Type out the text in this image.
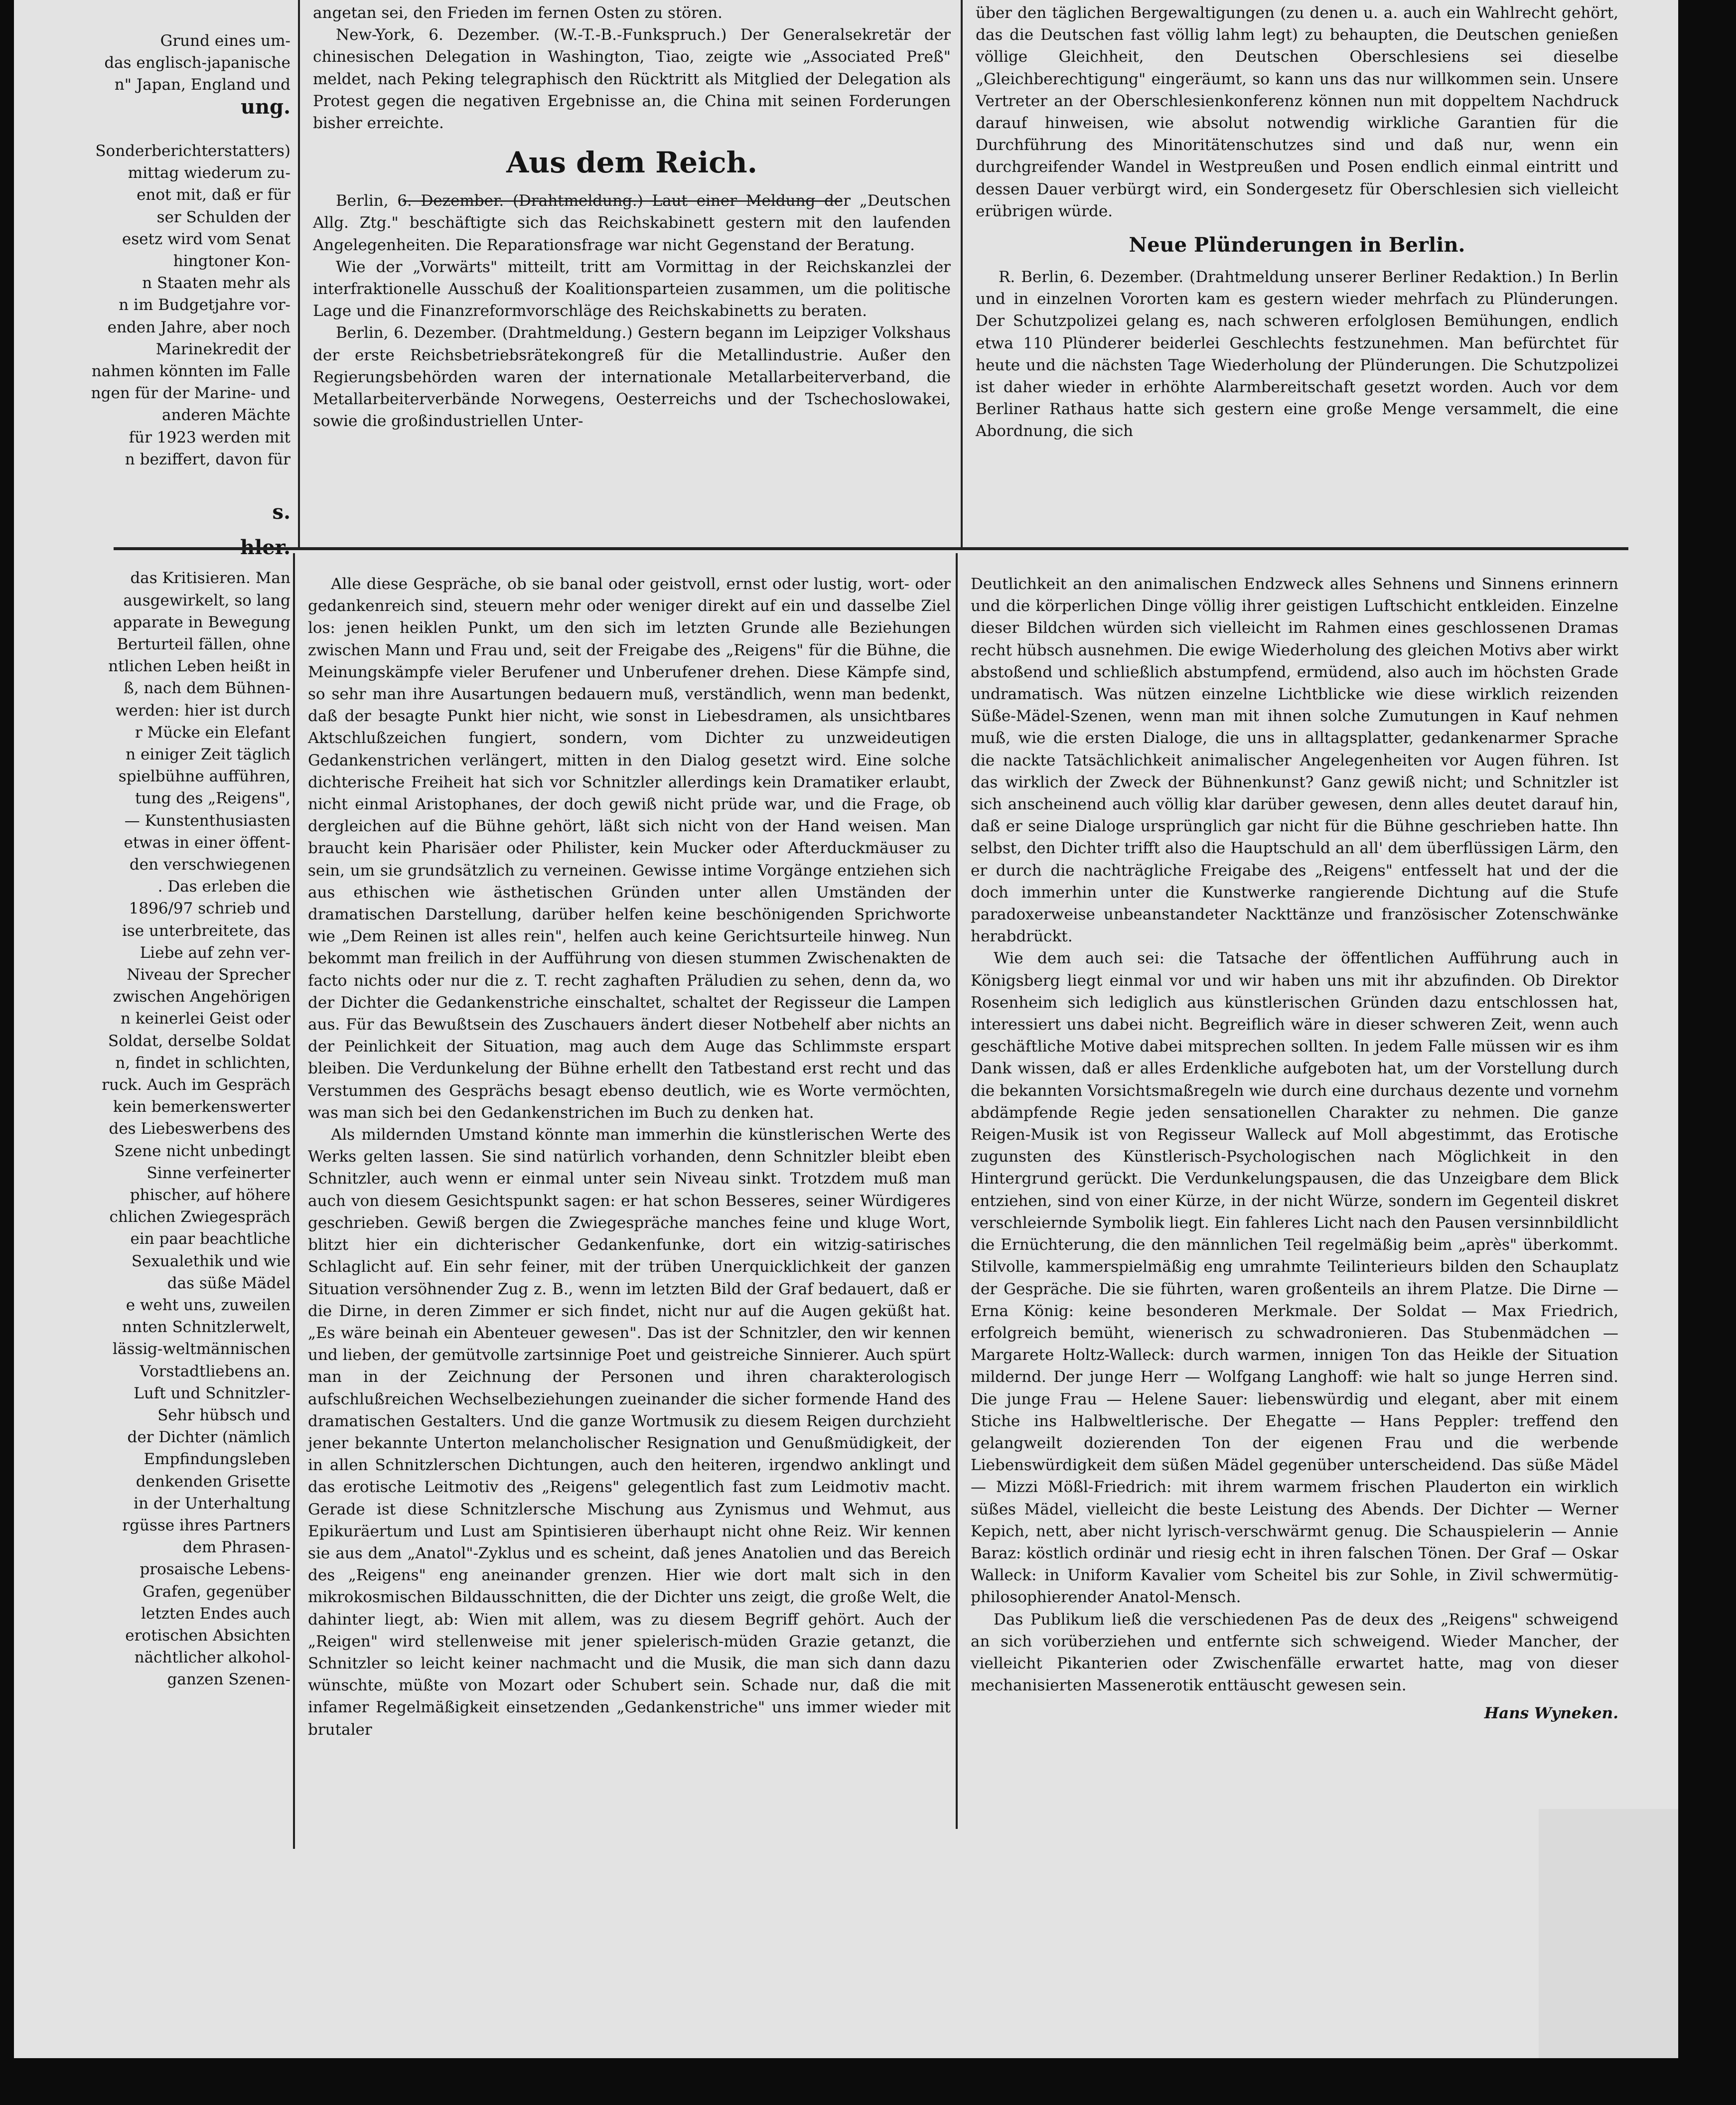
Grund eines um-
das englisch-japanische
n" Japan, England und
ung.
Sonderberichterstatters)
mittag wiederum zu-
enot mit, daß er für
ser Schulden der
esetz wird vom Senat
hingtoner Kon-
n Staaten mehr als
n im Budgetjahre vor-
enden Jahre, aber noch
Marinekredit der
nahmen könnten im Falle
ngen für der Marine- und
anderen Mächte
für 1923 werden mit
n beziffert, davon für
s.
das Kritisieren. Man
ausgewirkelt, so lang
apparate in Bewegung
Berturteil fällen, ohne
ntlichen Leben heißt in
ß, nach dem Bühnen-
werden: hier ist durch
r Mücke ein Elefant
n einiger Zeit täglich
spielbühne aufführen,
tung des „Reigens",
— Kunstenthusiasten
etwas in einer öffent-
den verschwiegenen
. Das erleben die
1896/97 schrieb und
ise unterbreitete, das
Liebe auf zehn ver-
Niveau der Sprecher
zwischen Angehörigen
n keinerlei Geist oder
Soldat, derselbe Soldat
n, findet in schlichten,
ruck. Auch im Gespräch
kein bemerkenswerter
des Liebeswerbens des
Szene nicht unbedingt
Sinne verfeinerter
phischer, auf höhere
chlichen Zwiegespräch
ein paar beachtliche
Sexualethik und wie
das süße Mädel
e weht uns, zuweilen
nnten Schnitzlerwelt,
lässig-weltmännischen
Vorstadtliebens an.
Luft und Schnitzler-
Sehr hübsch und
der Dichter (nämlich
Empfindungsleben
denkenden Grisette
in der Unterhaltung
rgüsse ihres Partners
dem Phrasen-
prosaische Lebens-
Grafen, gegenüber
letzten Endes auch
erotischen Absichten
nächtlicher alkohol-
ganzen Szenen-

angetan sei, den Frieden im fernen Osten zu stören.

New-York, 6. Dezember. (W.-T.-B.-Funkspruch.) Der Generalsekretär der chinesischen Delegation in Washington, Tiao, zeigte wie „Associated Preß" meldet, nach Peking telegraphisch den Rücktritt als Mitglied der Delegation als Protest gegen die negativen Ergebnisse an, die China mit seinen Forderungen bisher erreichte.

Aus dem Reich.

Berlin, 6. Dezember. (Drahtmeldung.) Laut einer Meldung der „Deutschen Allg. Ztg." beschäftigte sich das Reichskabinett gestern mit den laufenden Angelegenheiten. Die Reparationsfrage war nicht Gegenstand der Beratung.

Wie der „Vorwärts" mitteilt, tritt am Vormittag in der Reichskanzlei der interfraktionelle Ausschuß der Koalitionsparteien zusammen, um die politische Lage und die Finanzreformvorschläge des Reichskabinetts zu beraten.

Berlin, 6. Dezember. (Drahtmeldung.) Gestern begann im Leipziger Volkshaus der erste Reichsbetriebsrätekongreß für die Metallindustrie. Außer den Regierungsbehörden waren der internationale Metallarbeiterverband, die Metallarbeiterverbände Norwegens, Oesterreichs und der Tschechoslowakei, sowie die großindustriellen Unter-

über den täglichen Bergewaltigungen (zu denen u. a. auch ein Wahlrecht gehört, das die Deutschen fast völlig lahm legt) zu behaupten, die Deutschen genießen völlige Gleichheit, den Deutschen Oberschlesiens sei dieselbe „Gleichberechtigung" eingeräumt, so kann uns das nur willkommen sein. Unsere Vertreter an der Oberschlesienkonferenz können nun mit doppeltem Nachdruck darauf hinweisen, wie absolut notwendig wirkliche Garantien für die Durchführung des Minoritätenschutzes sind und daß nur, wenn ein durchgreifender Wandel in Westpreußen und Posen endlich einmal eintritt und dessen Dauer verbürgt wird, ein Sondergesetz für Oberschlesien sich vielleicht erübrigen würde.

Neue Plünderungen in Berlin.

R. Berlin, 6. Dezember. (Drahtmeldung unserer Berliner Redaktion.) In Berlin und in einzelnen Vororten kam es gestern wieder mehrfach zu Plünderungen. Der Schutzpolizei gelang es, nach schweren erfolglosen Bemühungen, endlich etwa 110 Plünderer beiderlei Geschlechts festzunehmen. Man befürchtet für heute und die nächsten Tage Wiederholung der Plünderungen. Die Schutzpolizei ist daher wieder in erhöhte Alarmbereitschaft gesetzt worden. Auch vor dem Berliner Rathaus hatte sich gestern eine große Menge versammelt, die eine Abordnung, die sich

Alle diese Gespräche, ob sie banal oder geistvoll, ernst oder lustig, wort- oder gedankenreich sind, steuern mehr oder weniger direkt auf ein und dasselbe Ziel los: jenen heiklen Punkt, um den sich im letzten Grunde alle Beziehungen zwischen Mann und Frau und, seit der Freigabe des „Reigens" für die Bühne, die Meinungskämpfe vieler Berufener und Unberufener drehen. Diese Kämpfe sind, so sehr man ihre Ausartungen bedauern muß, verständlich, wenn man bedenkt, daß der besagte Punkt hier nicht, wie sonst in Liebesdramen, als unsichtbares Aktschlußzeichen fungiert, sondern, vom Dichter zu unzweideutigen Gedankenstrichen verlängert, mitten in den Dialog gesetzt wird. Eine solche dichterische Freiheit hat sich vor Schnitzler allerdings kein Dramatiker erlaubt, nicht einmal Aristophanes, der doch gewiß nicht prüde war, und die Frage, ob dergleichen auf die Bühne gehört, läßt sich nicht von der Hand weisen. Man braucht kein Pharisäer oder Philister, kein Mucker oder Afterduckmäuser zu sein, um sie grundsätzlich zu verneinen. Gewisse intime Vorgänge entziehen sich aus ethischen wie ästhetischen Gründen unter allen Umständen der dramatischen Darstellung, darüber helfen keine beschönigenden Sprichworte wie „Dem Reinen ist alles rein", helfen auch keine Gerichtsurteile hinweg. Nun bekommt man freilich in der Aufführung von diesen stummen Zwischenakten de facto nichts oder nur die z. T. recht zaghaften Präludien zu sehen, denn da, wo der Dichter die Gedankenstriche einschaltet, schaltet der Regisseur die Lampen aus. Für das Bewußtsein des Zuschauers ändert dieser Notbehelf aber nichts an der Peinlichkeit der Situation, mag auch dem Auge das Schlimmste erspart bleiben. Die Verdunkelung der Bühne erhellt den Tatbestand erst recht und das Verstummen des Gesprächs besagt ebenso deutlich, wie es Worte vermöchten, was man sich bei den Gedankenstrichen im Buch zu denken hat.

Als mildernden Umstand könnte man immerhin die künstlerischen Werte des Werks gelten lassen. Sie sind natürlich vorhanden, denn Schnitzler bleibt eben Schnitzler, auch wenn er einmal unter sein Niveau sinkt. Trotzdem muß man auch von diesem Gesichtspunkt sagen: er hat schon Besseres, seiner Würdigeres geschrieben. Gewiß bergen die Zwiegespräche manches feine und kluge Wort, blitzt hier ein dichterischer Gedankenfunke, dort ein witzig-satirisches Schlaglicht auf. Ein sehr feiner, mit der trüben Unerquicklichkeit der ganzen Situation versöhnender Zug z. B., wenn im letzten Bild der Graf bedauert, daß er die Dirne, in deren Zimmer er sich findet, nicht nur auf die Augen geküßt hat. „Es wäre beinah ein Abenteuer gewesen". Das ist der Schnitzler, den wir kennen und lieben, der gemütvolle zartsinnige Poet und geistreiche Sinnierer. Auch spürt man in der Zeichnung der Personen und ihren charakterologisch aufschlußreichen Wechselbeziehungen zueinander die sicher formende Hand des dramatischen Gestalters. Und die ganze Wortmusik zu diesem Reigen durchzieht jener bekannte Unterton melancholischer Resignation und Genußmüdigkeit, der in allen Schnitzlerschen Dichtungen, auch den heiteren, irgendwo anklingt und das erotische Leitmotiv des „Reigens" gelegentlich fast zum Leidmotiv macht. Gerade ist diese Schnitzlersche Mischung aus Zynismus und Wehmut, aus Epikuräertum und Lust am Spintisieren überhaupt nicht ohne Reiz. Wir kennen sie aus dem „Anatol"-Zyklus und es scheint, daß jenes Anatolien und das Bereich des „Reigens" eng aneinander grenzen. Hier wie dort malt sich in den mikrokosmischen Bildausschnitten, die der Dichter uns zeigt, die große Welt, die dahinter liegt, ab: Wien mit allem, was zu diesem Begriff gehört. Auch der „Reigen" wird stellenweise mit jener spielerisch-müden Grazie getanzt, die Schnitzler so leicht keiner nachmacht und die Musik, die man sich dann dazu wünschte, müßte von Mozart oder Schubert sein. Schade nur, daß die mit infamer Regelmäßigkeit einsetzenden „Gedankenstriche" uns immer wieder mit brutaler

Deutlichkeit an den animalischen Endzweck alles Sehnens und Sinnens erinnern und die körperlichen Dinge völlig ihrer geistigen Luftschicht entkleiden. Einzelne dieser Bildchen würden sich vielleicht im Rahmen eines geschlossenen Dramas recht hübsch ausnehmen. Die ewige Wiederholung des gleichen Motivs aber wirkt abstoßend und schließlich abstumpfend, ermüdend, also auch im höchsten Grade undramatisch. Was nützen einzelne Lichtblicke wie diese wirklich reizenden Süße-Mädel-Szenen, wenn man mit ihnen solche Zumutungen in Kauf nehmen muß, wie die ersten Dialoge, die uns in alltagsplatter, gedankenarmer Sprache die nackte Tatsächlichkeit animalischer Angelegenheiten vor Augen führen. Ist das wirklich der Zweck der Bühnenkunst? Ganz gewiß nicht; und Schnitzler ist sich anscheinend auch völlig klar darüber gewesen, denn alles deutet darauf hin, daß er seine Dialoge ursprünglich gar nicht für die Bühne geschrieben hatte. Ihn selbst, den Dichter trifft also die Hauptschuld an all' dem überflüssigen Lärm, den er durch die nachträgliche Freigabe des „Reigens" entfesselt hat und der die doch immerhin unter die Kunstwerke rangierende Dichtung auf die Stufe paradoxerweise unbeanstandeter Nackttänze und französischer Zotenschwänke herabdrückt.

Wie dem auch sei: die Tatsache der öffentlichen Aufführung auch in Königsberg liegt einmal vor und wir haben uns mit ihr abzufinden. Ob Direktor Rosenheim sich lediglich aus künstlerischen Gründen dazu entschlossen hat, interessiert uns dabei nicht. Begreiflich wäre in dieser schweren Zeit, wenn auch geschäftliche Motive dabei mitsprechen sollten. In jedem Falle müssen wir es ihm Dank wissen, daß er alles Erdenkliche aufgeboten hat, um der Vorstellung durch die bekannten Vorsichtsmaßregeln wie durch eine durchaus dezente und vornehm abdämpfende Regie jeden sensationellen Charakter zu nehmen. Die ganze Reigen-Musik ist von Regisseur Walleck auf Moll abgestimmt, das Erotische zugunsten des Künstlerisch-Psychologischen nach Möglichkeit in den Hintergrund gerückt. Die Verdunkelungspausen, die das Unzeigbare dem Blick entziehen, sind von einer Kürze, in der nicht Würze, sondern im Gegenteil diskret verschleiernde Symbolik liegt. Ein fahleres Licht nach den Pausen versinnbildlicht die Ernüchterung, die den männlichen Teil regelmäßig beim „après" überkommt. Stilvolle, kammerspielmäßig eng umrahmte Teilinterieurs bilden den Schauplatz der Gespräche. Die sie führten, waren großenteils an ihrem Platze. Die Dirne — Erna König: keine besonderen Merkmale. Der Soldat — Max Friedrich, erfolgreich bemüht, wienerisch zu schwadronieren. Das Stubenmädchen — Margarete Holtz-Walleck: durch warmen, innigen Ton das Heikle der Situation mildernd. Der junge Herr — Wolfgang Langhoff: wie halt so junge Herren sind. Die junge Frau — Helene Sauer: liebenswürdig und elegant, aber mit einem Stiche ins Halbweltlerische. Der Ehegatte — Hans Peppler: treffend den gelangweilt dozierenden Ton der eigenen Frau und die werbende Liebenswürdigkeit dem süßen Mädel gegenüber unterscheidend. Das süße Mädel — Mizzi Mößl-Friedrich: mit ihrem warmem frischen Plauderton ein wirklich süßes Mädel, vielleicht die beste Leistung des Abends. Der Dichter — Werner Kepich, nett, aber nicht lyrisch-verschwärmt genug. Die Schauspielerin — Annie Baraz: köstlich ordinär und riesig echt in ihren falschen Tönen. Der Graf — Oskar Walleck: in Uniform Kavalier vom Scheitel bis zur Sohle, in Zivil schwermütig-philosophierender Anatol-Mensch.

Das Publikum ließ die verschiedenen Pas de deux des „Reigens" schweigend an sich vorüberziehen und entfernte sich schweigend. Wieder Mancher, der vielleicht Pikanterien oder Zwischenfälle erwartet hatte, mag von dieser mechanisierten Massenerotik enttäuscht gewesen sein.

Hans Wyneken.
